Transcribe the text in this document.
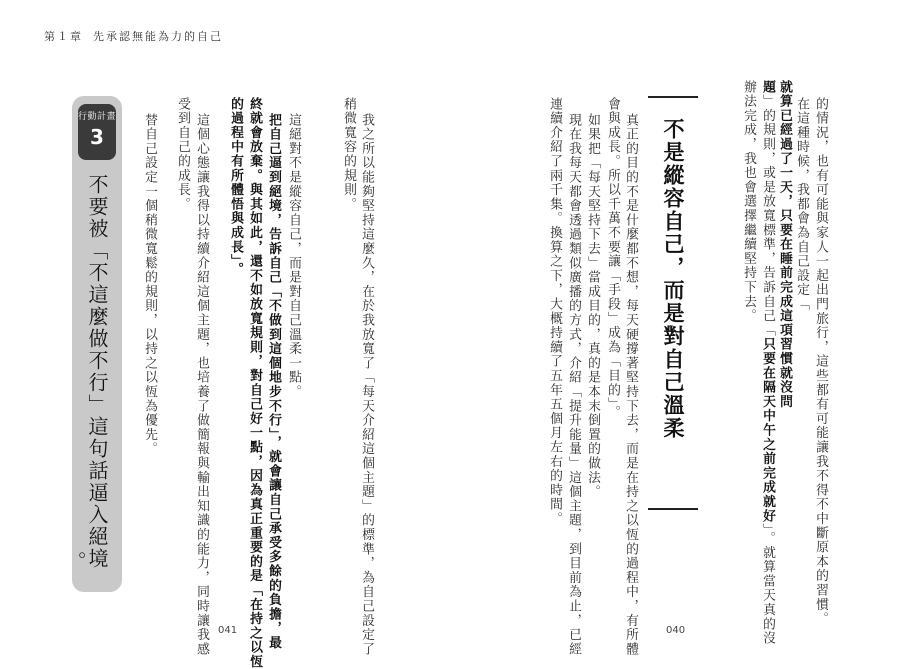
第１章 先承認無能為力的自己
的情況，也有可能與家人一起出門旅行，這些都有可能讓我不得不中斷原本的習慣。
在這種時候，我都會為自己設定「
就算已經過了一天，只要在睡前完成這項習慣就沒問
題」的規則，或是放寬標準，告訴自己「只要在隔天中午之前完成就好」。就算當天真的沒
辦法完成，我也會選擇繼續堅持下去。
不是縱容自己，而是對自己溫柔
真正的目的不是什麼都不想，每天硬撐著堅持下去，而是在持之以恆的過程中，有所體
會與成長。所以千萬不要讓「手段」成為「目的」。
如果把「每天堅持下去」當成目的，真的是本末倒置的做法。
現在我每天都會透過類似廣播的方式，介紹「提升能量」這個主題，到目前為止，已經
連續介紹了兩千集。換算之下，大概持續了五年五個月左右的時間。
040
我之所以能夠堅持這麼久，在於我放寬了「每天介紹這個主題」的標準，為自己設定了
稍微寬容的規則。
這絕對不是縱容自己，而是對自己溫柔一點。
把自己逼到絕境，告訴自己「不做到這個地步不行」，就會讓自己承受多餘的負擔，最
終就會放棄。與其如此，還不如放寬規則，對自己好一點，因為真正重要的是「在持之以恆
的過程中有所體悟與成長」。
這個心態讓我得以持續介紹這個主題，也培養了做簡報與輸出知識的能力，同時讓我感
受到自己的成長。
替自己設定一個稍微寬鬆的規則，以持之以恆為優先。
行動計畫
3
不要被「不這麼做不行」這句話逼入絕境
。
041
